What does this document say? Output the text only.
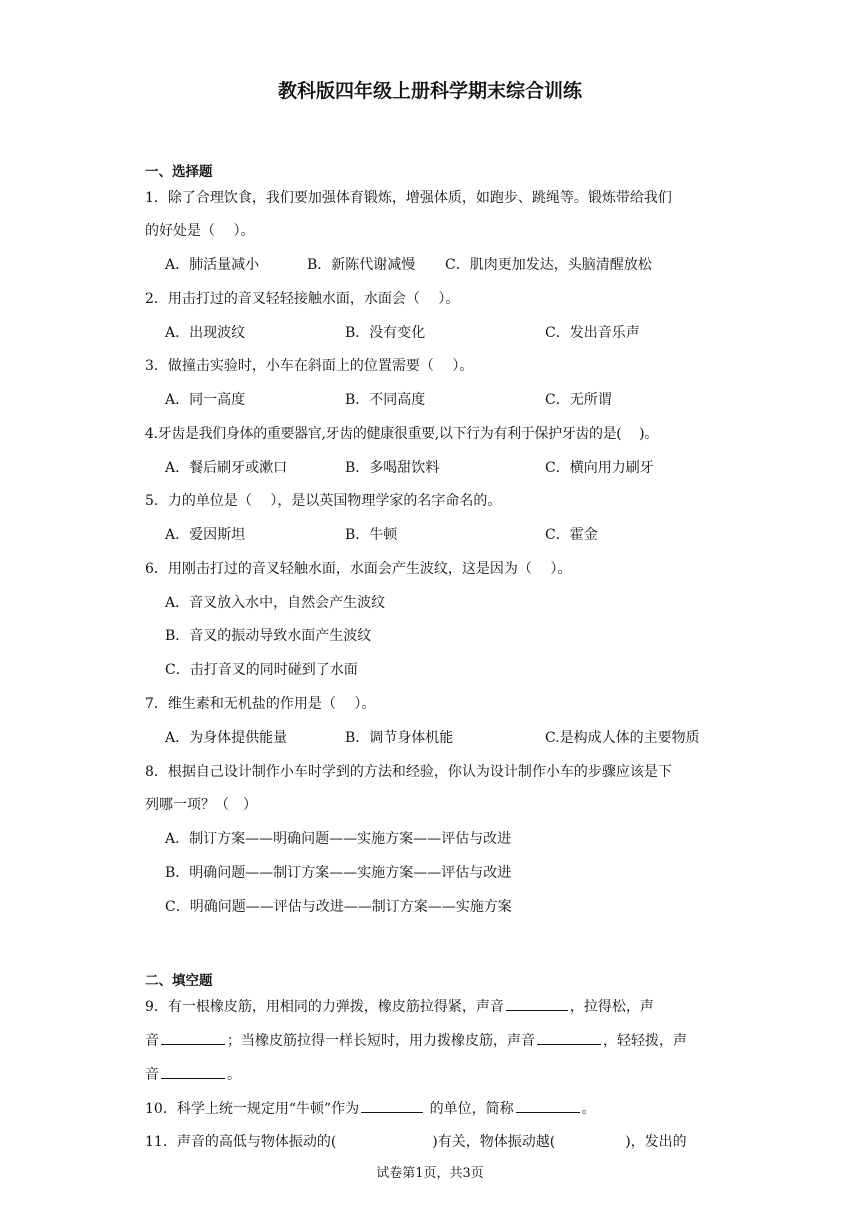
教科版四年级上册科学期末综合训练
一、选择题
1．除了合理饮食，我们要加强体育锻炼，增强体质，如跑步、跳绳等。锻炼带给我们
的好处是（　 ）。
A．肺活量减小	B．新陈代谢减慢 C．肌肉更加发达，头脑清醒放松
2．用击打过的音叉轻轻接触水面，水面会（　 ）。
A．出现波纹	B．没有变化	C．发出音乐声
3．做撞击实验时，小车在斜面上的位置需要（　 ）。
A．同一高度	B．不同高度	C．无所谓
4.牙齿是我们身体的重要器官,牙齿的健康很重要,以下行为有利于保护牙齿的是(　 )。
A．餐后刷牙或漱口	B．多喝甜饮料	C．横向用力刷牙
5．力的单位是（　 ），是以英国物理学家的名字命名的。
A．爱因斯坦	B．牛顿	C．霍金
6．用刚击打过的音叉轻触水面，水面会产生波纹，这是因为（　 ）。
A．音叉放入水中，自然会产生波纹
B．音叉的振动导致水面产生波纹
C．击打音叉的同时碰到了水面
7．维生素和无机盐的作用是（　 ）。
A．为身体提供能量	B．调节身体机能	C.是构成人体的主要物质
8．根据自己设计制作小车时学到的方法和经验，你认为设计制作小车的步骤应该是下
列哪一项？（　）
A．制订方案——明确问题——实施方案——评估与改进
B．明确问题——制订方案——实施方案——评估与改进
C．明确问题——评估与改进——制订方案——实施方案
二、填空题
9．有一根橡皮筋，用相同的力弹拨，橡皮筋拉得紧，声音	，拉得松，声
音	；当橡皮筋拉得一样长短时，用力拨橡皮筋，声音	，轻轻拨，声
音	。
10．科学上统一规定用“牛顿”作为	的单位，简称	。
11．声音的高低与物体振动的(	)有关，物体振动越(	)，发出的
试卷第1页，共3页
